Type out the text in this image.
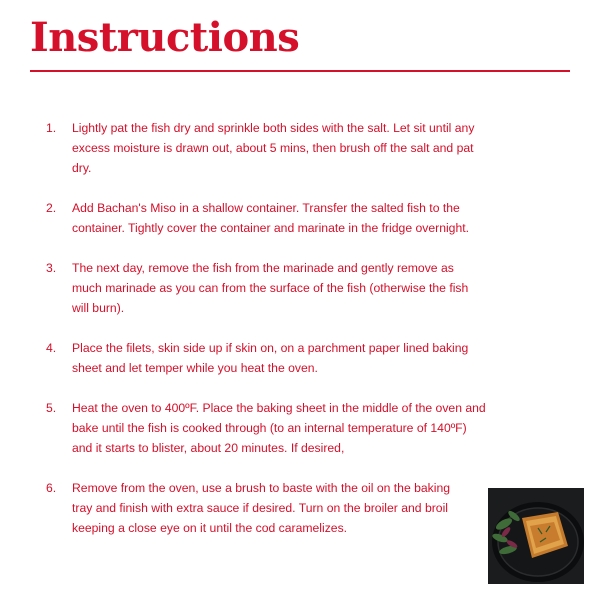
Instructions
1. Lightly pat the fish dry and sprinkle both sides with the salt. Let sit until any excess moisture is drawn out, about 5 mins, then brush off the salt and pat dry.
2. Add Bachan's Miso in a shallow container. Transfer the salted fish to the container. Tightly cover the container and marinate in the fridge overnight.
3. The next day, remove the fish from the marinade and gently remove as much marinade as you can from the surface of the fish (otherwise the fish will burn).
4. Place the filets, skin side up if skin on, on a parchment paper lined baking sheet and let temper while you heat the oven.
5. Heat the oven to 400ºF. Place the baking sheet in the middle of the oven and bake until the fish is cooked through (to an internal temperature of 140ºF) and it starts to blister, about 20 minutes. If desired,
6. Remove from the oven, use a brush to baste with the oil on the baking tray and finish with extra sauce if desired. Turn on the broiler and broil keeping a close eye on it until the cod caramelizes.
